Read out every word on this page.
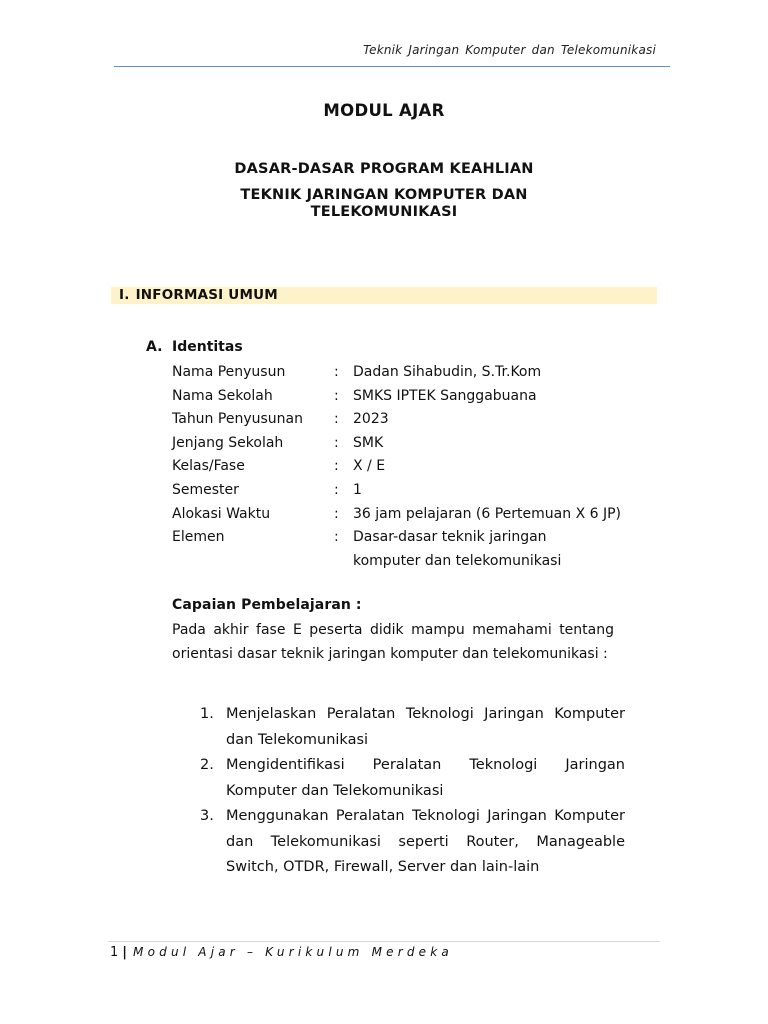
Teknik Jaringan Komputer dan Telekomunikasi
MODUL AJAR
DASAR-DASAR PROGRAM KEAHLIAN
TEKNIK JARINGAN KOMPUTER DAN TELEKOMUNIKASI
I. INFORMASI UMUM
A. Identitas
Nama Penyusun	:	Dadan Sihabudin, S.Tr.Kom
Nama Sekolah	:	SMKS IPTEK Sanggabuana
Tahun Penyusunan	:	2023
Jenjang Sekolah	:	SMK
Kelas/Fase	:	X / E
Semester	:	1
Alokasi Waktu	:	36 jam pelajaran (6 Pertemuan X 6 JP)
Elemen	:	Dasar-dasar teknik jaringan komputer dan telekomunikasi
Capaian Pembelajaran :
Pada akhir fase E peserta didik mampu memahami tentang orientasi dasar teknik jaringan komputer dan telekomunikasi :
1. Menjelaskan Peralatan Teknologi Jaringan Komputer dan Telekomunikasi
2. Mengidentifikasi Peralatan Teknologi Jaringan Komputer dan Telekomunikasi
3. Menggunakan Peralatan Teknologi Jaringan Komputer dan Telekomunikasi seperti Router, Manageable Switch, OTDR, Firewall, Server dan lain-lain
1 | Modul Ajar – Kurikulum Merdeka
